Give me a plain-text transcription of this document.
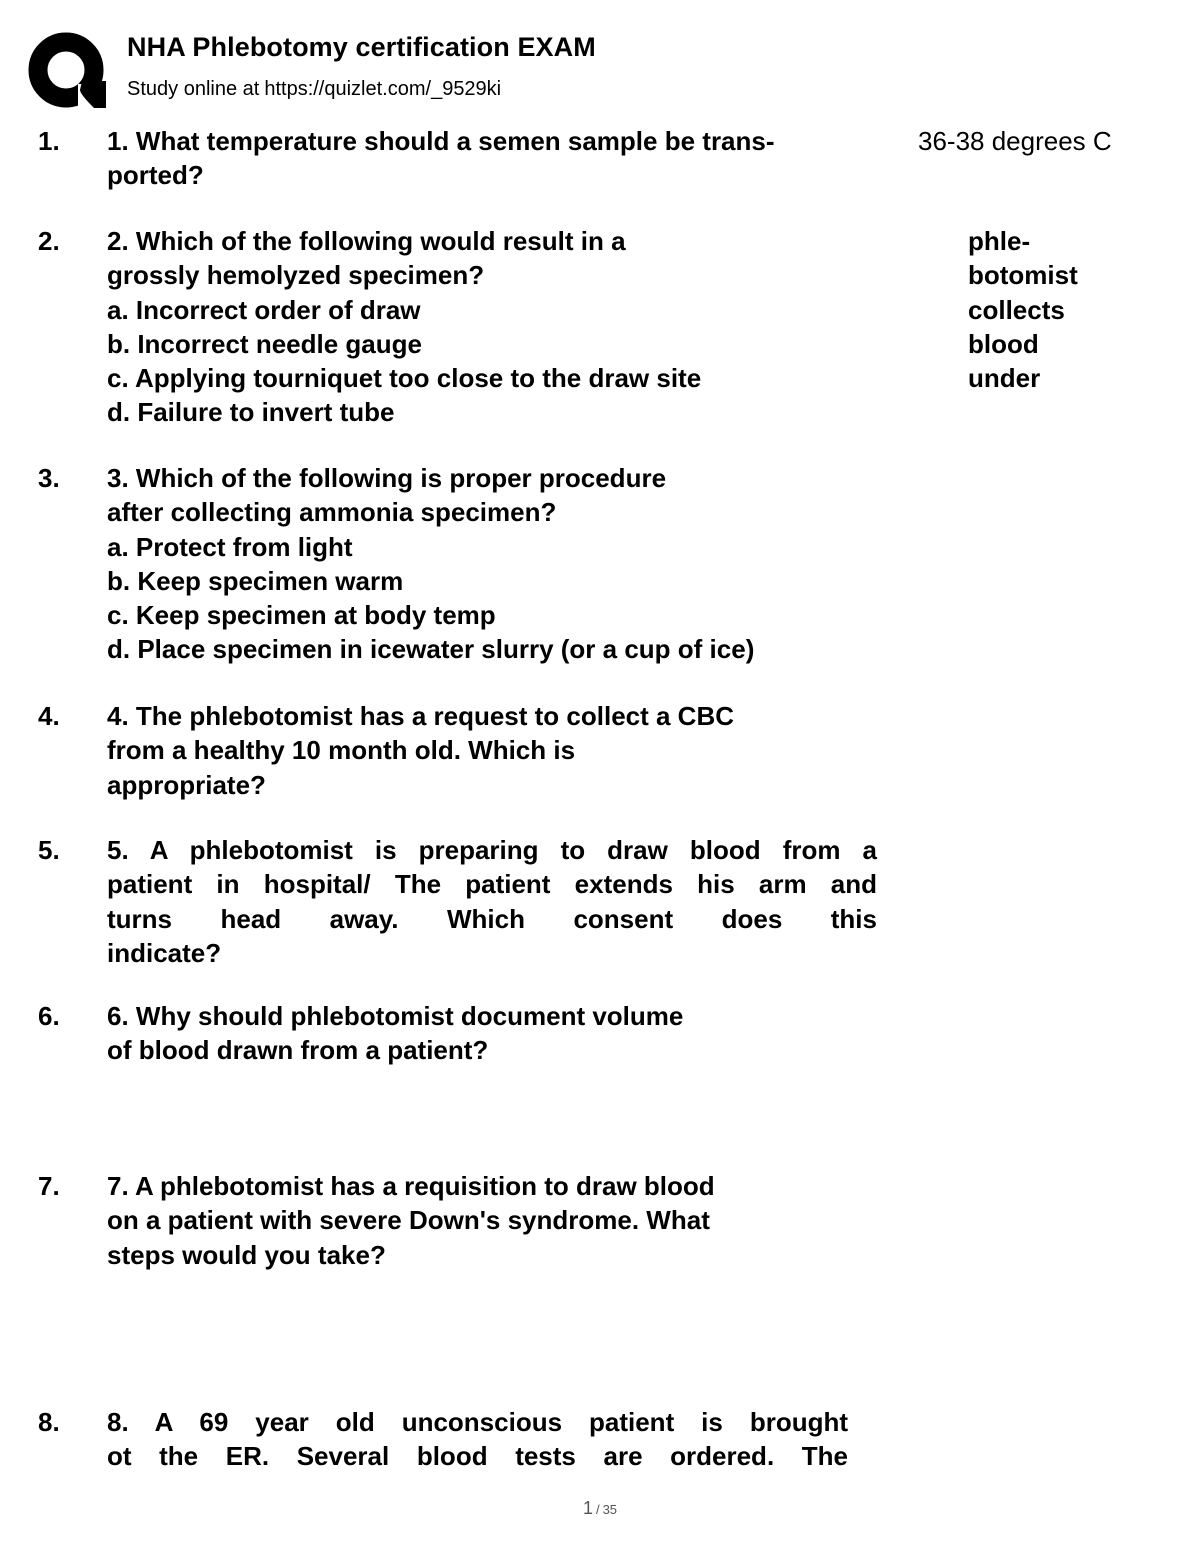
NHA Phlebotomy certification EXAM
Study online at https://quizlet.com/_9529ki
1. 1. What temperature should a semen sample be trans-
ported?
36-38 degrees C
2. 2. Which of the following would result in a
grossly hemolyzed specimen?
a. Incorrect order of draw
b. Incorrect needle gauge
c. Applying tourniquet too close to the draw site
d. Failure to invert tube
phle-
botomist
collects
blood
under
3. 3. Which of the following is proper procedure
after collecting ammonia specimen?
a. Protect from light
b. Keep specimen warm
c. Keep specimen at body temp
d. Place specimen in icewater slurry (or a cup of ice)
4. 4. The phlebotomist has a request to collect a CBC
from a healthy 10 month old. Which is
appropriate?
5. 5. A phlebotomist is preparing to draw blood from a
patient in hospital/ The patient extends his arm and
turns head away. Which consent does this
indicate?
6. 6. Why should phlebotomist document volume
of blood drawn from a patient?
7. 7. A phlebotomist has a requisition to draw blood
on a patient with severe Down's syndrome. What
steps would you take?
8. 8. A 69 year old unconscious patient is brought
ot the ER. Several blood tests are ordered. The
1 / 35
